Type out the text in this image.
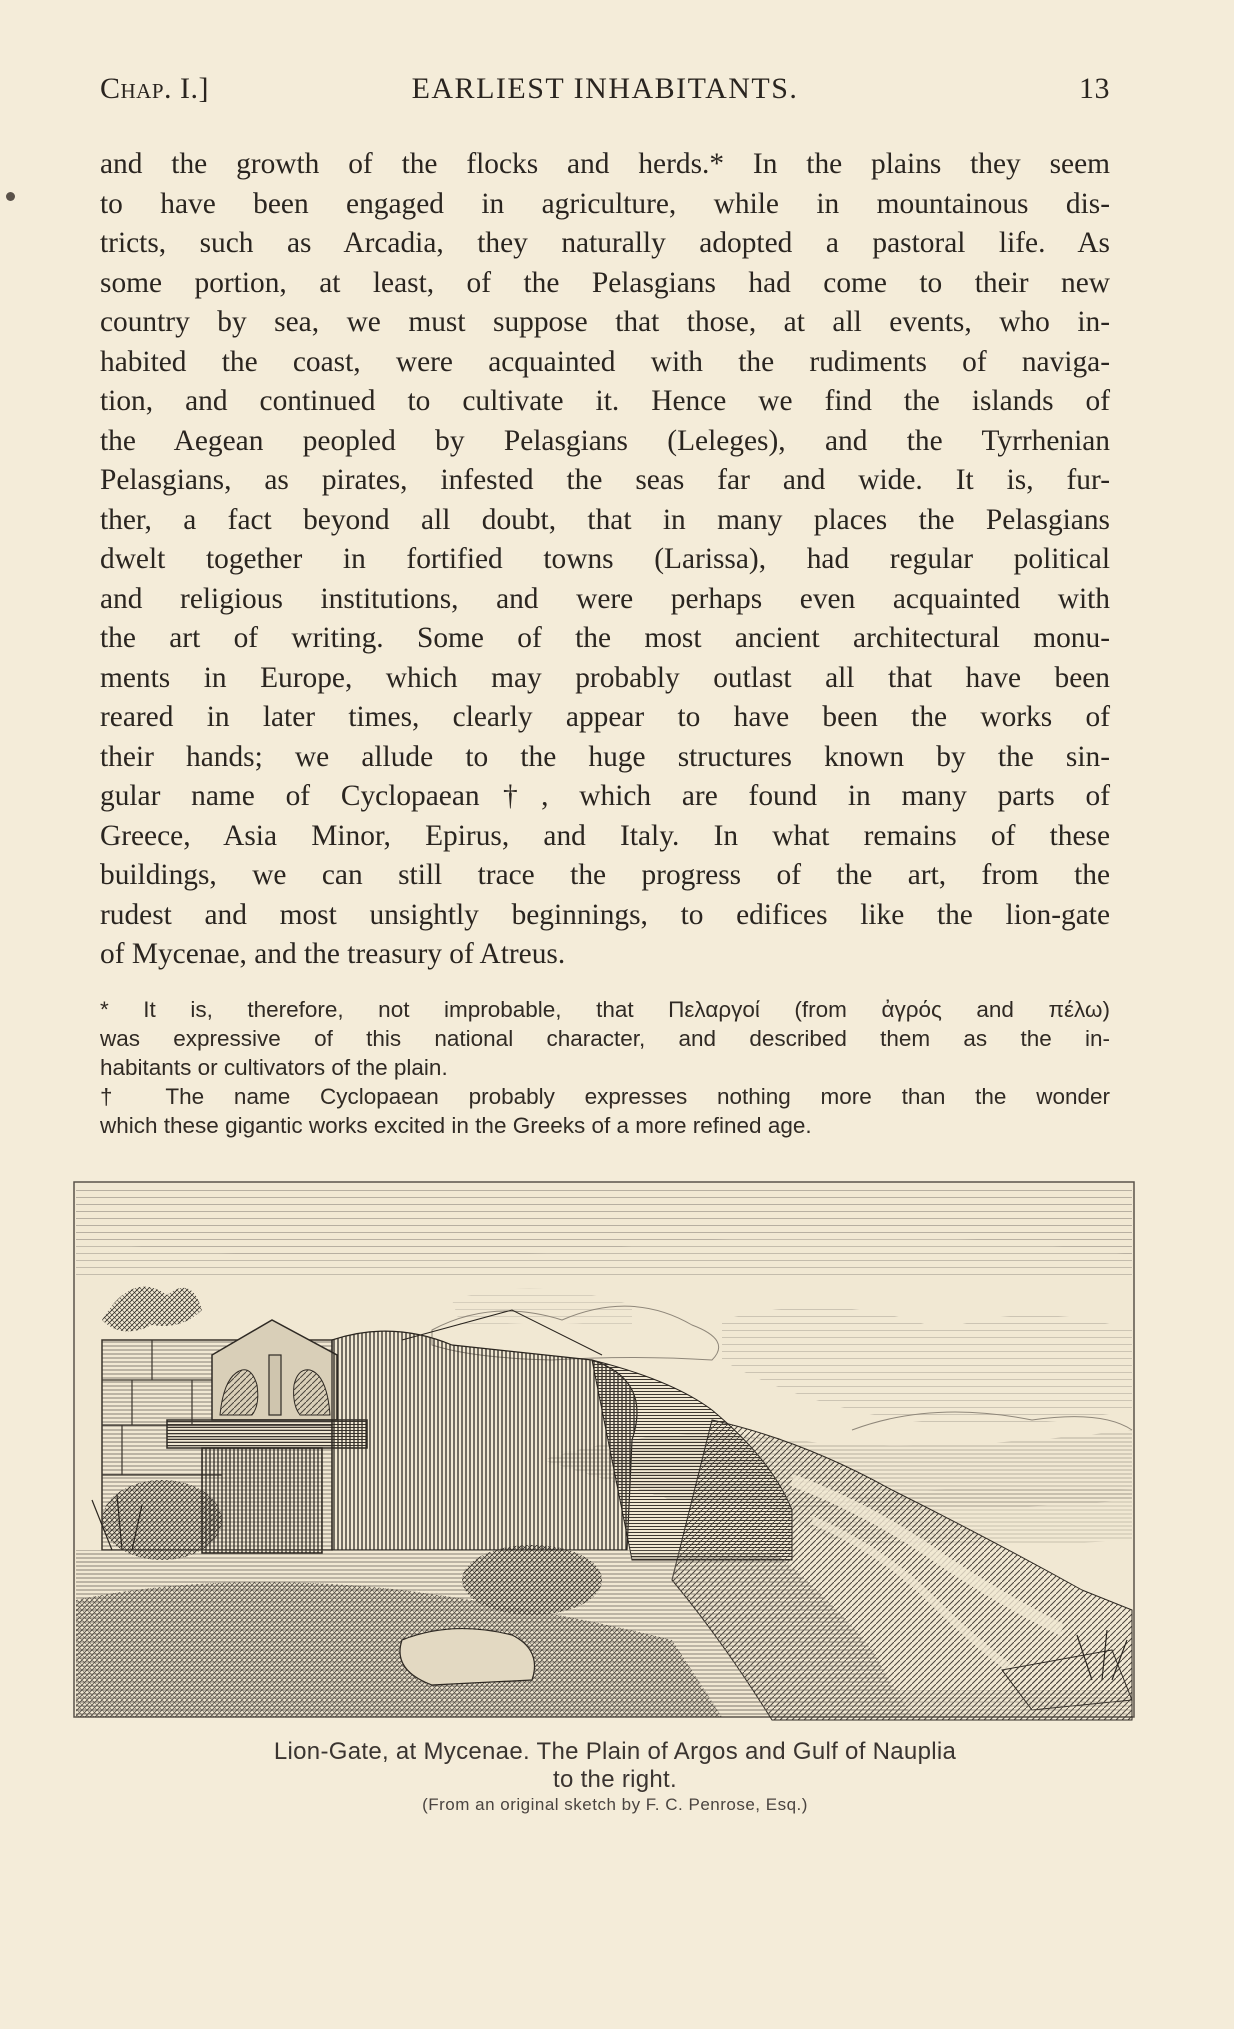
Chap. I.]	EARLIEST INHABITANTS.	13
and the growth of the flocks and herds.* In the plains they seem
to have been engaged in agriculture, while in mountainous dis-
tricts, such as Arcadia, they naturally adopted a pastoral life. As
some portion, at least, of the Pelasgians had come to their new
country by sea, we must suppose that those, at all events, who in-
habited the coast, were acquainted with the rudiments of naviga-
tion, and continued to cultivate it. Hence we find the islands of
the Aegean peopled by Pelasgians (Leleges), and the Tyrrhenian
Pelasgians, as pirates, infested the seas far and wide. It is, fur-
ther, a fact beyond all doubt, that in many places the Pelasgians
dwelt together in fortified towns (Larissa), had regular political
and religious institutions, and were perhaps even acquainted with
the art of writing. Some of the most ancient architectural monu-
ments in Europe, which may probably outlast all that have been
reared in later times, clearly appear to have been the works of
their hands; we allude to the huge structures known by the sin-
gular name of Cyclopaean†, which are found in many parts of
Greece, Asia Minor, Epirus, and Italy. In what remains of these
buildings, we can still trace the progress of the art, from the
rudest and most unsightly beginnings, to edifices like the lion-gate
of Mycenae, and the treasury of Atreus.
* It is, therefore, not improbable, that Πελαργοί (from ἀγρός and πέλω)
was expressive of this national character, and described them as the in-
habitants or cultivators of the plain.
† The name Cyclopaean probably expresses nothing more than the wonder
which these gigantic works excited in the Greeks of a more refined age.
Lion-Gate, at Mycenae. The Plain of Argos and Gulf of Nauplia
to the right.
(From an original sketch by F. C. Penrose, Esq.)
